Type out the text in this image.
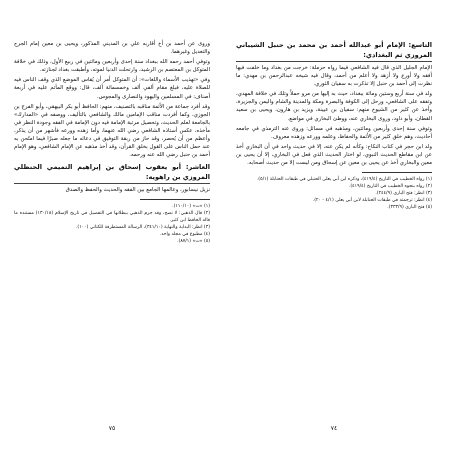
التاسع: الإمام أبو عبدالله أحمد بن محمد بن حنبل الشيباني المروزي ثم البغدادي:

الإمام الجليل الذي قال فيه الشافعي فيما رواه حرملة: خرجت من بغداد وما خلفت فيها أفقه ولا أورع ولا أزهد ولا أعلم من أحمد، وقال فيه شيخه عبدالرحمن بن مهدي: ما نظرت إلى أحمد بن حنبل إلا تذكرت به سفيان الثوري.

ولد في سنة أربع وستين ومائة ببغداد، حيث به إليها من مرو حملاً وتلك في خلافة المهدي، وتفقه على الشافعي، ورحل إلى الكوفة والبصرة ومكة والمدينة والشام واليمن والجزيرة، وأخذ عن كثير من الشيوخ منهم: سفيان بن عيينة، ويزيد بن هارون، ويحيى بن سعيد القطان، وأبو داود، وروى البخاري عنه، ووطئ البخاري في مواضع.

وتوفي سنة إحدى وأربعين ومائتين، ومذهبه في مسائل: وروى عنه الترمذي في جامعه أحاديث، وهم خلق كثير من الأئمة والحفاظ، وعلمه وورعه وزهده معروف.

ولد ابن حجر في كتاب النكاح: وكأنه لم يكن عنه، إلا في حديث واحد في أن البخاري أخذ عن ابن مقاطع الحديث النبوي، لو اختار الحديث الذي فعل في البخاري، إلا أن يحيى بن معين والبخاري أخذ عن يحيى بن معين عن إسحاق ومن ليست إلا من حديث أصحابه.

(١) رواه الخطيب في التاريخ (٤١٩/٤)، وذكره ابن أبي يعلى الحنبلي في طبقات الحنابلة (٥/١).

(٢) رواه بنحوه الخطيب في التاريخ (٤١٩/٤).

(٣) انظر: فتح الباري (٢٤٤/٩).

(٤) انظر: ترجمته في طبقات الحنابلة لابن أبي يعلى (٤/١ - ٢٠).

(٥) فتح الباري (٣٣٣/٩).

٧٤

وروى عن أحمد بن أخ أقاربه علي بن المديني المذكور، ويحيى بن معين إمام الجرح والتعديل وغيرهما.

وتوفي أحمد رحمه الله ببغداد سنة إحدى وأربعين ومائتين في ربيع الأول، وذلك في خلافة المتوكل بن المعتصم بن الرشيد، وارتحلت الدنيا لموته، وأطبقت بغداد لجنازته.

وفي «تهذيب الأسماء واللغات»: أن المتوكل أمر أن يُقاس الموضع الذي وقف الناس فيه للصلاة عليه، فبلغ مقام ألفي ألف وخمسمائة ألف، قال: ووقع المأتم عليه في أربعة أصناف: في المسلمين واليهود والنصارى والمجوس.

وقد أفرد جماعة من الأئمة مناقبه بالتصنيف، منهم: الحافظ أبو بكر البيهقي، وأبو الفرج بن الجوزي، وكما أفردت مناقب الإمامين مالك والشافعي بالتأليف، ووصفه في «المدارك» بالجامعة لعلم الحديث، وتحصيل مرتبة الإمامة فيه دون الإمامة في الفقه وجودة النظر في مأخذه، عكس أستاذه الشافعي رضي الله عنهما، وأما زهده وورعه فأشهر من أن يذكر، وأعظم من أن يُحصر، وقد حاز من ربقة التوفيق في دعائه ما جعله صبرًا فيما امتُحن به عند حمل الناس على القول بخلق القرآن، وقد أخذ مذهبه عن الإمام الشافعي، وهو الإمام أحمد بن حنبل رضي الله عنه ورحمه.

العاشر: أبو يعقوب إسحاق بن إبراهيم التميمي الحنظلي المروزي بن راهويه:

نزيل نيسابور، وعالمها الجامع بين الفقه والحديث والحفظ والصدق

(١) «ت» (١١٠/١٠).

(٢) قال الذهبي: لا تصح، وقد جزم الذهبي ببطلانها في التفصيل في تاريخ الإسلام (١٣٠/١٨) مستنده ما قاله الحافظ ابن كثير.

(٣) انظر: البداية والنهاية (٣٤١/١٠)، الرسالة المستطرفة للكتاني (١٠٠).

(٤) مطبوع في مجلد واحد.

(٥) «ت» (٨٧/١).

٧٥
